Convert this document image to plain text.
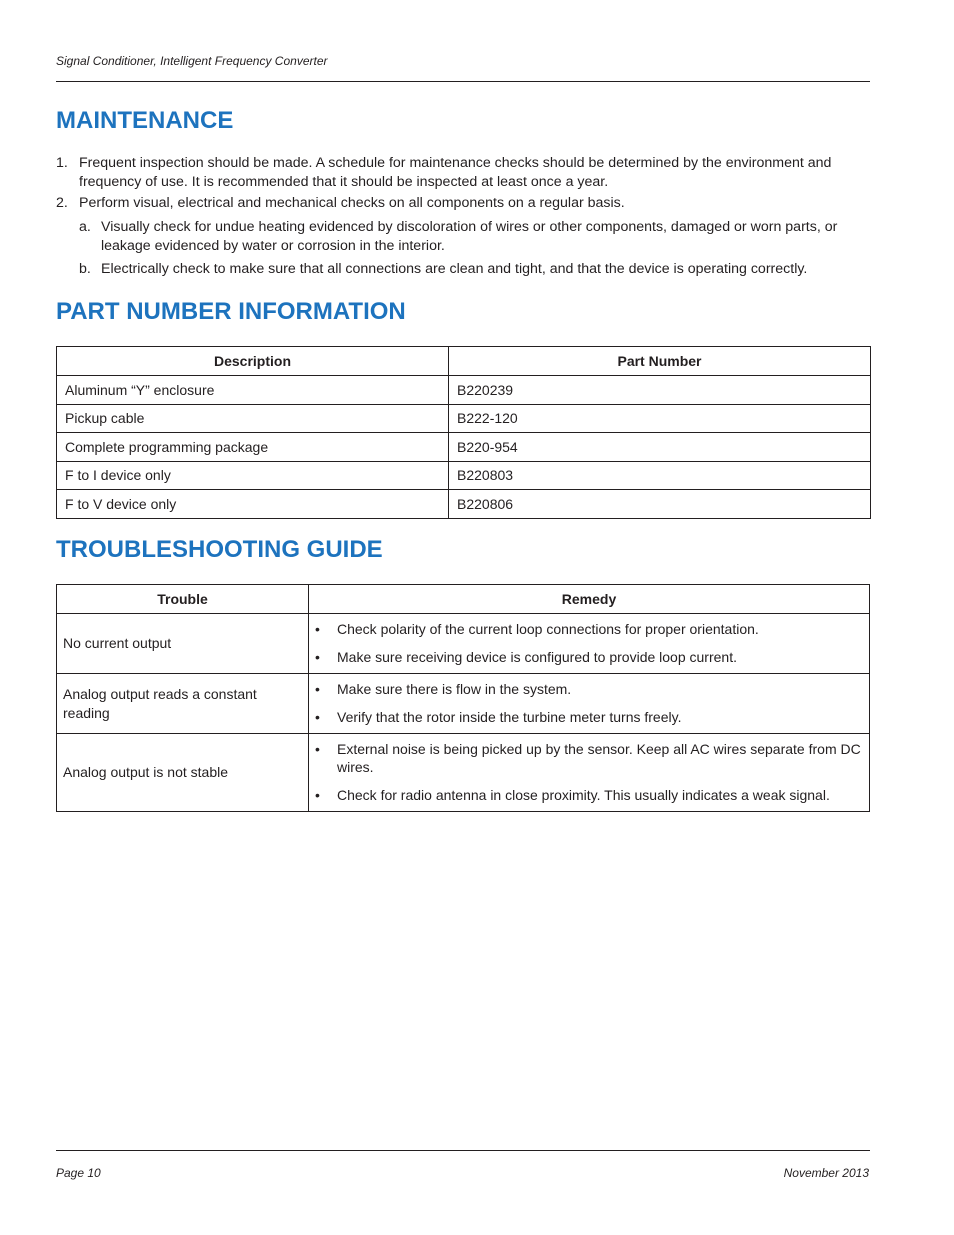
Signal Conditioner, Intelligent Frequency Converter
MAINTENANCE
1. Frequent inspection should be made. A schedule for maintenance checks should be determined by the environment and frequency of use. It is recommended that it should be inspected at least once a year.
2. Perform visual, electrical and mechanical checks on all components on a regular basis.
a. Visually check for undue heating evidenced by discoloration of wires or other components, damaged or worn parts, or leakage evidenced by water or corrosion in the interior.
b. Electrically check to make sure that all connections are clean and tight, and that the device is operating correctly.
PART NUMBER INFORMATION
Description	Part Number
Aluminum “Y” enclosure	B220239
Pickup cable	B222-120
Complete programming package	B220-954
F to I device only	B220803
F to V device only	B220806
TROUBLESHOOTING GUIDE
Trouble	Remedy
No current output	• Check polarity of the current loop connections for proper orientation.
• Make sure receiving device is configured to provide loop current.

Analog output reads a constant reading	• Make sure there is flow in the system.
• Verify that the rotor inside the turbine meter turns freely.

Analog output is not stable	• External noise is being picked up by the sensor. Keep all AC wires separate from DC wires.
• Check for radio antenna in close proximity. This usually indicates a weak signal.
Page 10	November 2013
